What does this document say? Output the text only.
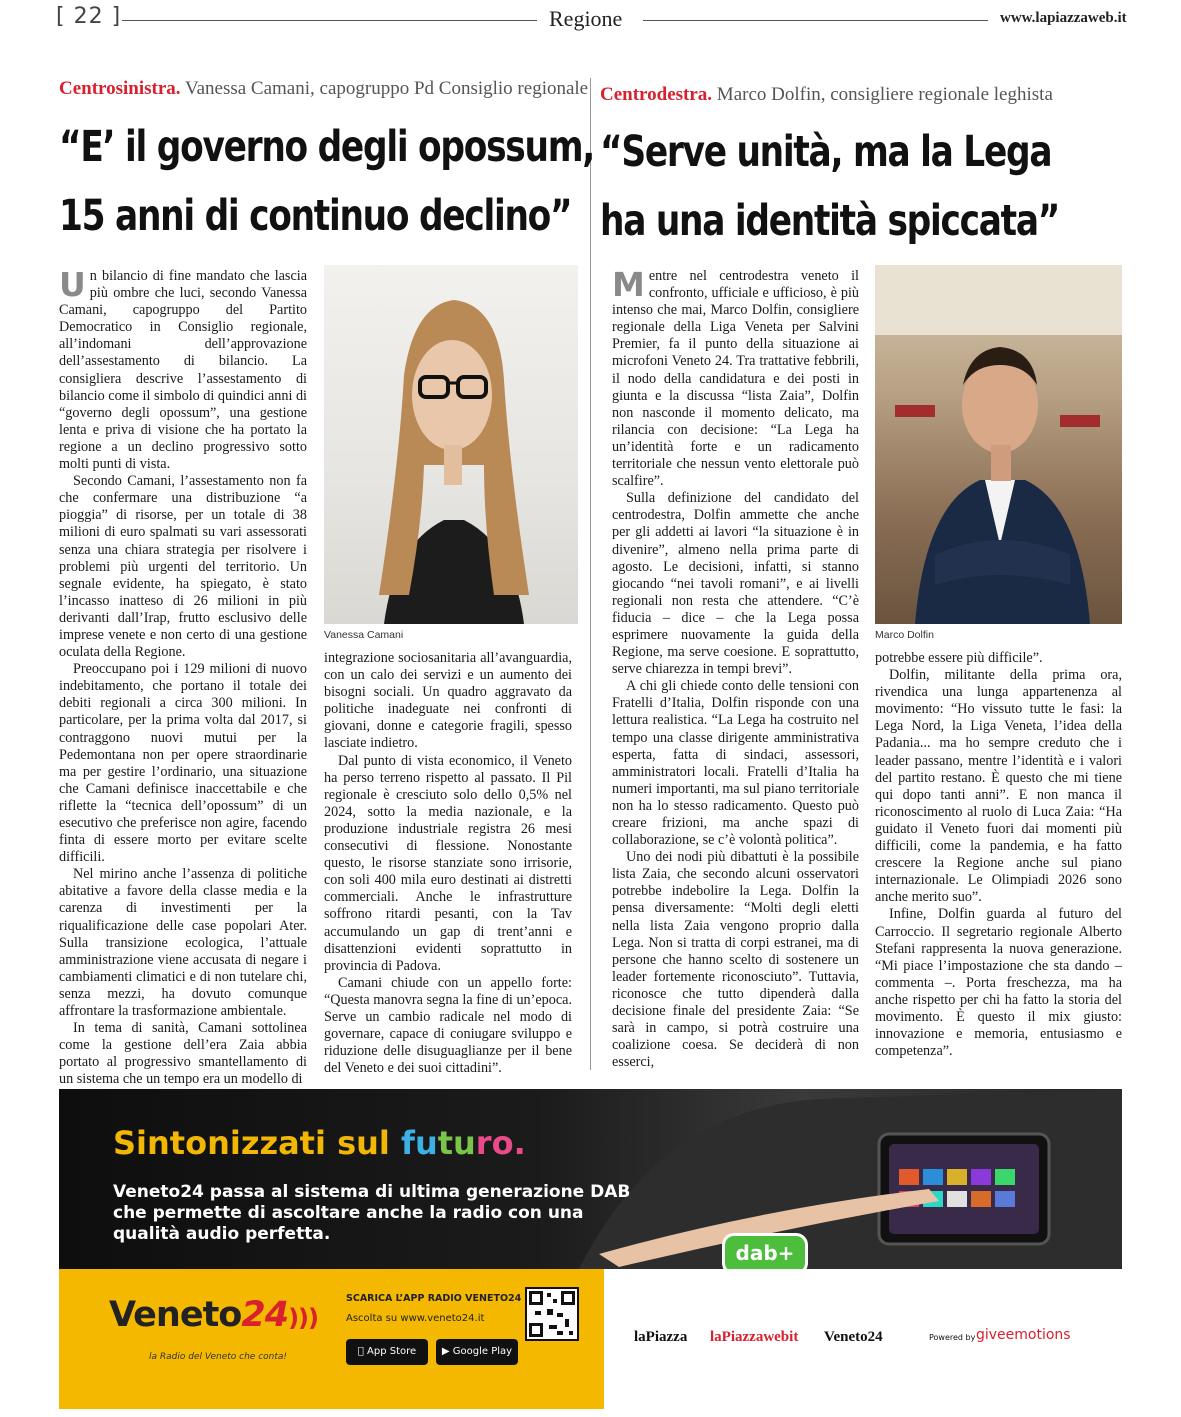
[ 22 ]	Regione	www.lapiazzaweb.it
Centrosinistra. Vanessa Camani, capogruppo Pd Consiglio regionale
“E’ il governo degli opossum,
15 anni di continuo declino”

Un bilancio di fine mandato che lascia più ombre che luci, secondo Vanessa Camani, capogruppo del Partito Democratico in Consiglio regionale, all’indomani dell’approvazione dell’assestamento di bilancio. La consigliera descrive l’assestamento di bilancio come il simbolo di quindici anni di “governo degli opossum”, una gestione lenta e priva di visione che ha portato la regione a un declino progressivo sotto molti punti di vista.

Secondo Camani, l’assestamento non fa che confermare una distribuzione “a pioggia” di risorse, per un totale di 38 milioni di euro spalmati su vari assessorati senza una chiara strategia per risolvere i problemi più urgenti del territorio. Un segnale evidente, ha spiegato, è stato l’incasso inatteso di 26 milioni in più derivanti dall’Irap, frutto esclusivo delle imprese venete e non certo di una gestione oculata della Regione.

Preoccupano poi i 129 milioni di nuovo indebitamento, che portano il totale dei debiti regionali a circa 300 milioni. In particolare, per la prima volta dal 2017, si contraggono nuovi mutui per la Pedemontana non per opere straordinarie ma per gestire l’ordinario, una situazione che Camani definisce inaccettabile e che riflette la “tecnica dell’opossum” di un esecutivo che preferisce non agire, facendo finta di essere morto per evitare scelte difficili.

Nel mirino anche l’assenza di politiche abitative a favore della classe media e la carenza di investimenti per la riqualificazione delle case popolari Ater. Sulla transizione ecologica, l’attuale amministrazione viene accusata di negare i cambiamenti climatici e di non tutelare chi, senza mezzi, ha dovuto comunque affrontare la trasformazione ambientale.

In tema di sanità, Camani sottolinea come la gestione dell’era Zaia abbia portato al progressivo smantellamento di un sistema che un tempo era un modello di

Vanessa Camani

integrazione sociosanitaria all’avanguardia, con un calo dei servizi e un aumento dei bisogni sociali. Un quadro aggravato da politiche inadeguate nei confronti di giovani, donne e categorie fragili, spesso lasciate indietro.

Dal punto di vista economico, il Veneto ha perso terreno rispetto al passato. Il Pil regionale è cresciuto solo dello 0,5% nel 2024, sotto la media nazionale, e la produzione industriale registra 26 mesi consecutivi di flessione. Nonostante questo, le risorse stanziate sono irrisorie, con soli 400 mila euro destinati ai distretti commerciali. Anche le infrastrutture soffrono ritardi pesanti, con la Tav accumulando un gap di trent’anni e disattenzioni evidenti soprattutto in provincia di Padova.

Camani chiude con un appello forte: “Questa manovra segna la fine di un’epoca. Serve un cambio radicale nel modo di governare, capace di coniugare sviluppo e riduzione delle disuguaglianze per il bene del Veneto e dei suoi cittadini”.

Centrodestra. Marco Dolfin, consigliere regionale leghista
“Serve unità, ma la Lega
ha una identità spiccata”

Mentre nel centrodestra veneto il confronto, ufficiale e ufficioso, è più intenso che mai, Marco Dolfin, consigliere regionale della Liga Veneta per Salvini Premier, fa il punto della situazione ai microfoni Veneto 24. Tra trattative febbrili, il nodo della candidatura e dei posti in giunta e la discussa “lista Zaia”, Dolfin non nasconde il momento delicato, ma rilancia con decisione: “La Lega ha un’identità forte e un radicamento territoriale che nessun vento elettorale può scalfire”.

Sulla definizione del candidato del centrodestra, Dolfin ammette che anche per gli addetti ai lavori “la situazione è in divenire”, almeno nella prima parte di agosto. Le decisioni, infatti, si stanno giocando “nei tavoli romani”, e ai livelli regionali non resta che attendere. “C’è fiducia – dice – che la Lega possa esprimere nuovamente la guida della Regione, ma serve coesione. E soprattutto, serve chiarezza in tempi brevi”.

A chi gli chiede conto delle tensioni con Fratelli d’Italia, Dolfin risponde con una lettura realistica. “La Lega ha costruito nel tempo una classe dirigente amministrativa esperta, fatta di sindaci, assessori, amministratori locali. Fratelli d’Italia ha numeri importanti, ma sul piano territoriale non ha lo stesso radicamento. Questo può creare frizioni, ma anche spazi di collaborazione, se c’è volontà politica”.

Uno dei nodi più dibattuti è la possibile lista Zaia, che secondo alcuni osservatori potrebbe indebolire la Lega. Dolfin la pensa diversamente: “Molti degli eletti nella lista Zaia vengono proprio dalla Lega. Non si tratta di corpi estranei, ma di persone che hanno scelto di sostenere un leader fortemente riconosciuto”. Tuttavia, riconosce che tutto dipenderà dalla decisione finale del presidente Zaia: “Se sarà in campo, si potrà costruire una coalizione coesa. Se deciderà di non esserci,

Marco Dolfin

potrebbe essere più difficile”.

Dolfin, militante della prima ora, rivendica una lunga appartenenza al movimento: “Ho vissuto tutte le fasi: la Lega Nord, la Liga Veneta, l’idea della Padania... ma ho sempre creduto che i leader passano, mentre l’identità e i valori del partito restano. È questo che mi tiene qui dopo tanti anni”. E non manca il riconoscimento al ruolo di Luca Zaia: “Ha guidato il Veneto fuori dai momenti più difficili, come la pandemia, e ha fatto crescere la Regione anche sul piano internazionale. Le Olimpiadi 2026 sono anche merito suo”.

Infine, Dolfin guarda al futuro del Carroccio. Il segretario regionale Alberto Stefani rappresenta la nuova generazione. “Mi piace l’impostazione che sta dando – commenta –. Porta freschezza, ma ha anche rispetto per chi ha fatto la storia del movimento. È questo il mix giusto: innovazione e memoria, entusiasmo e competenza”.

Sintonizzati sul futuro.
Veneto24 passa al sistema di ultima generazione DAB che permette di ascoltare anche la radio con una qualità audio perfetta.
dab+
Veneto24)))
la Radio del Veneto che conta!
SCARICA L’APP RADIO VENETO24
Ascolta su www.veneto24.it
App Store	▶ Google Play
laPiazza laPiazzawebit Veneto24	Powered by giveemotions
